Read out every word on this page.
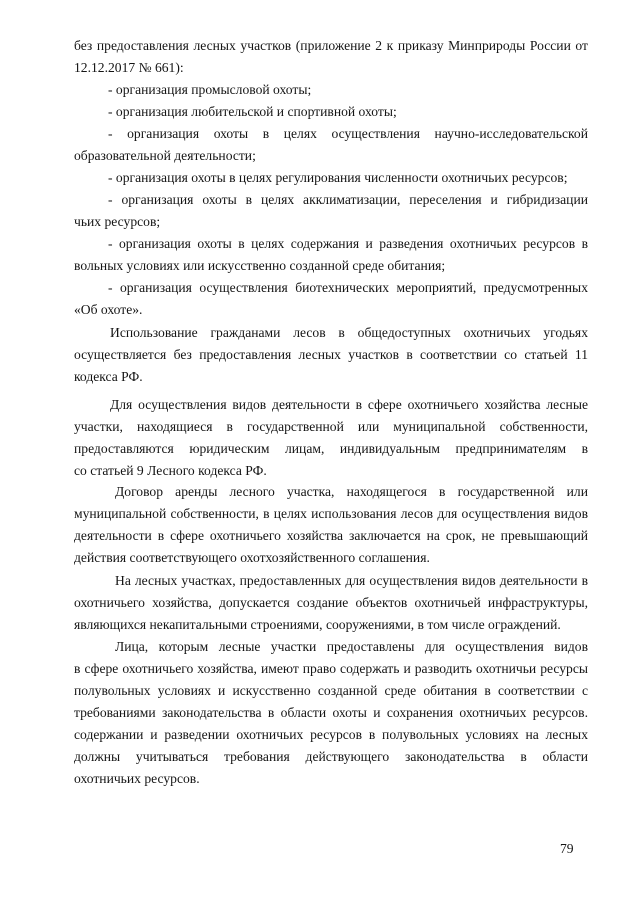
без предоставления лесных участков (приложение 2 к приказу Минприроды России от
12.12.2017 № 661):
- организация промысловой охоты;
- организация любительской и спортивной охоты;
- организация охоты в целях осуществления научно-исследовательской
образовательной деятельности;
- организация охоты в целях регулирования численности охотничьих ресурсов;
- организация охоты в целях акклиматизации, переселения и гибридизации
чьих ресурсов;
- организация охоты в целях содержания и разведения охотничьих ресурсов в
вольных условиях или искусственно созданной среде обитания;
- организация осуществления биотехнических мероприятий, предусмотренных
«Об охоте».
Использование гражданами лесов в общедоступных охотничьих угодьях
осуществляется без предоставления лесных участков в соответствии со статьей 11
кодекса РФ.
Для осуществления видов деятельности в сфере охотничьего хозяйства лесные
участки, находящиеся в государственной или муниципальной собственности,
предоставляются юридическим лицам, индивидуальным предпринимателям в
со статьей 9 Лесного кодекса РФ.
Договор аренды лесного участка, находящегося в государственной или
муниципальной собственности, в целях использования лесов для осуществления видов
деятельности в сфере охотничьего хозяйства заключается на срок, не превышающий
действия соответствующего охотхозяйственного соглашения.
На лесных участках, предоставленных для осуществления видов деятельности в
охотничьего хозяйства, допускается создание объектов охотничьей инфраструктуры,
являющихся некапитальными строениями, сооружениями, в том числе ограждений.
Лица, которым лесные участки предоставлены для осуществления видов
в сфере охотничьего хозяйства, имеют право содержать и разводить охотничьи ресурсы
полувольных условиях и искусственно созданной среде обитания в соответствии с
требованиями законодательства в области охоты и сохранения охотничьих ресурсов.
содержании и разведении охотничьих ресурсов в полувольных условиях на лесных
должны учитываться требования действующего законодательства в области
охотничьих ресурсов.
79
